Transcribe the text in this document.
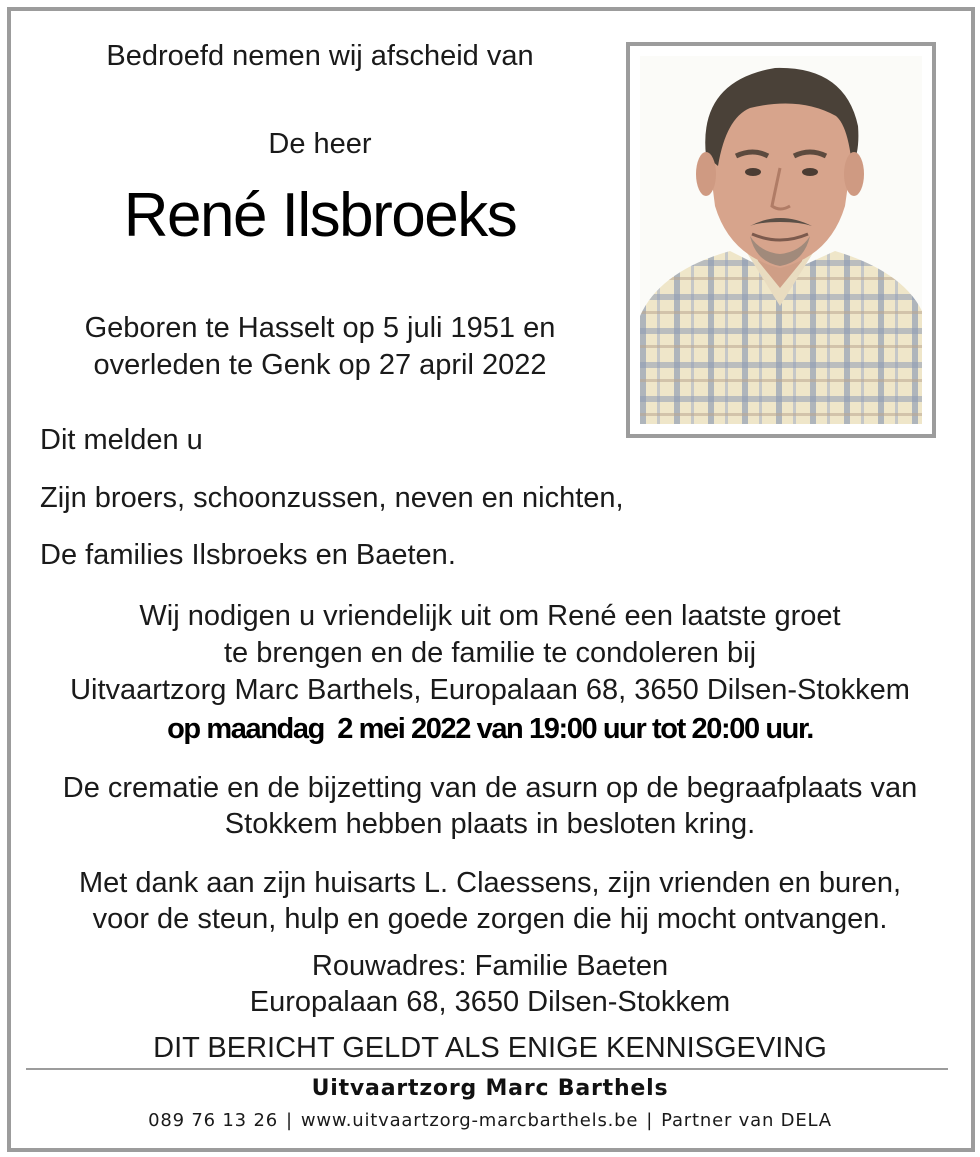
Bedroefd nemen wij afscheid van

De heer

René Ilsbroeks

Geboren te Hasselt op 5 juli 1951 en
overleden te Genk op 27 april 2022

Dit melden u

Zijn broers, schoonzussen, neven en nichten,

De families Ilsbroeks en Baeten.

Wij nodigen u vriendelijk uit om René een laatste groet
te brengen en de familie te condoleren bij
Uitvaartzorg Marc Barthels, Europalaan 68, 3650 Dilsen-Stokkem

op maandag  2 mei 2022 van 19:00 uur tot 20:00 uur.

De crematie en de bijzetting van de asurn op de begraafplaats van
Stokkem hebben plaats in besloten kring.
Met dank aan zijn huisarts L. Claessens, zijn vrienden en buren,
voor de steun, hulp en goede zorgen die hij mocht ontvangen.
Rouwadres: Familie Baeten
Europalaan 68, 3650 Dilsen-Stokkem

DIT BERICHT GELDT ALS ENIGE KENNISGEVING

Uitvaartzorg Marc Barthels

089 76 13 26 | www.uitvaartzorg-marcbarthels.be | Partner van DELA
